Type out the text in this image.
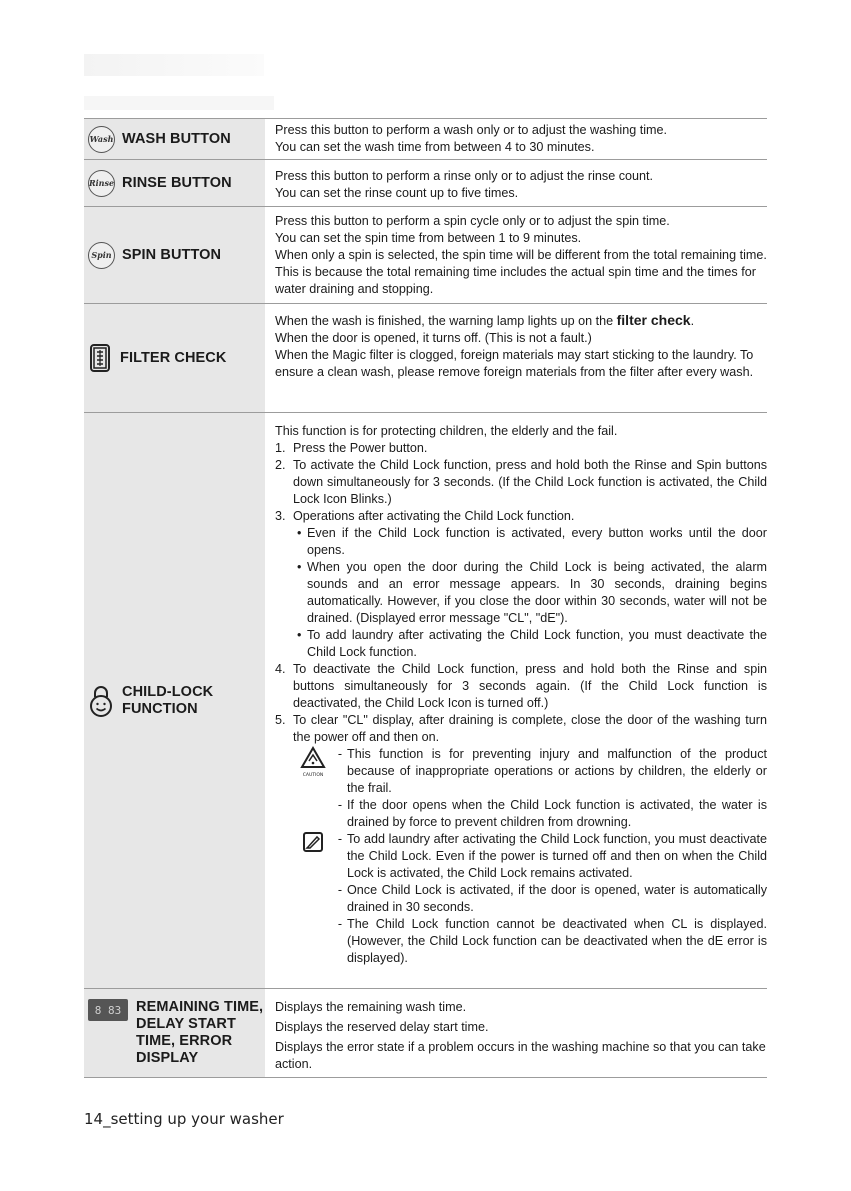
Wash WASH BUTTON

Press this button to perform a wash only or to adjust the washing time.

You can set the wash time from between 4 to 30 minutes.

Rinse RINSE BUTTON	Press this button to perform a rinse only or to adjust the rinse count.

You can set the rinse count up to five times.

Spin SPIN BUTTON

Press this button to perform a spin cycle only or to adjust the spin time.

You can set the spin time from between 1 to 9 minutes.

When only a spin is selected, the spin time will be different from the total remaining time. This is because the total remaining time includes the actual spin time and the times for water draining and stopping.

FILTER CHECK

When the wash is finished, the warning lamp lights up on the filter check.

When the door is opened, it turns off. (This is not a fault.)

When the Magic filter is clogged, foreign materials may start sticking to the laundry. To ensure a clean wash, please remove foreign materials from the filter after every wash.

CHILD-LOCK
FUNCTION

This function is for protecting children, the elderly and the fail.

1. Press the Power button.
2. To activate the Child Lock function, press and hold both the Rinse and Spin buttons down simultaneously for 3 seconds. (If the Child Lock function is activated, the Child Lock Icon Blinks.)
3. Operations after activating the Child Lock function.
• Even if the Child Lock function is activated, every button works until the door opens.
• When you open the door during the Child Lock is being activated, the alarm sounds and an error message appears. In 30 seconds, draining begins automatically. However, if you close the door within 30 seconds, water will not be drained. (Displayed error message "CL", "dE").
• To add laundry after activating the Child Lock function, you must deactivate the Child Lock function.
4. To deactivate the Child Lock function, press and hold both the Rinse and spin buttons simultaneously for 3 seconds again. (If the Child Lock function is deactivated, the Child Lock Icon is turned off.)
5. To clear "CL" display, after draining is complete, close the door of the washing turn the power off and then on.
CAUTION
- This function is for preventing injury and malfunction of the product because of inappropriate operations or actions by children, the elderly or the frail.
- If the door opens when the Child Lock function is activated, the water is drained by force to prevent children from drowning.
- To add laundry after activating the Child Lock function, you must deactivate the Child Lock. Even if the power is turned off and then on when the Child Lock is activated, the Child Lock remains activated.
- Once Child Lock is activated, if the door is opened, water is automatically drained in 30 seconds.
- The Child Lock function cannot be deactivated when CL is displayed. (However, the Child Lock function can be deactivated when the dE error is displayed).
8 83 REMAINING TIME, DELAY START TIME, ERROR DISPLAY

Displays the remaining wash time.

Displays the reserved delay start time.

Displays the error state if a problem occurs in the washing machine so that you can take action.

14_setting up your washer
